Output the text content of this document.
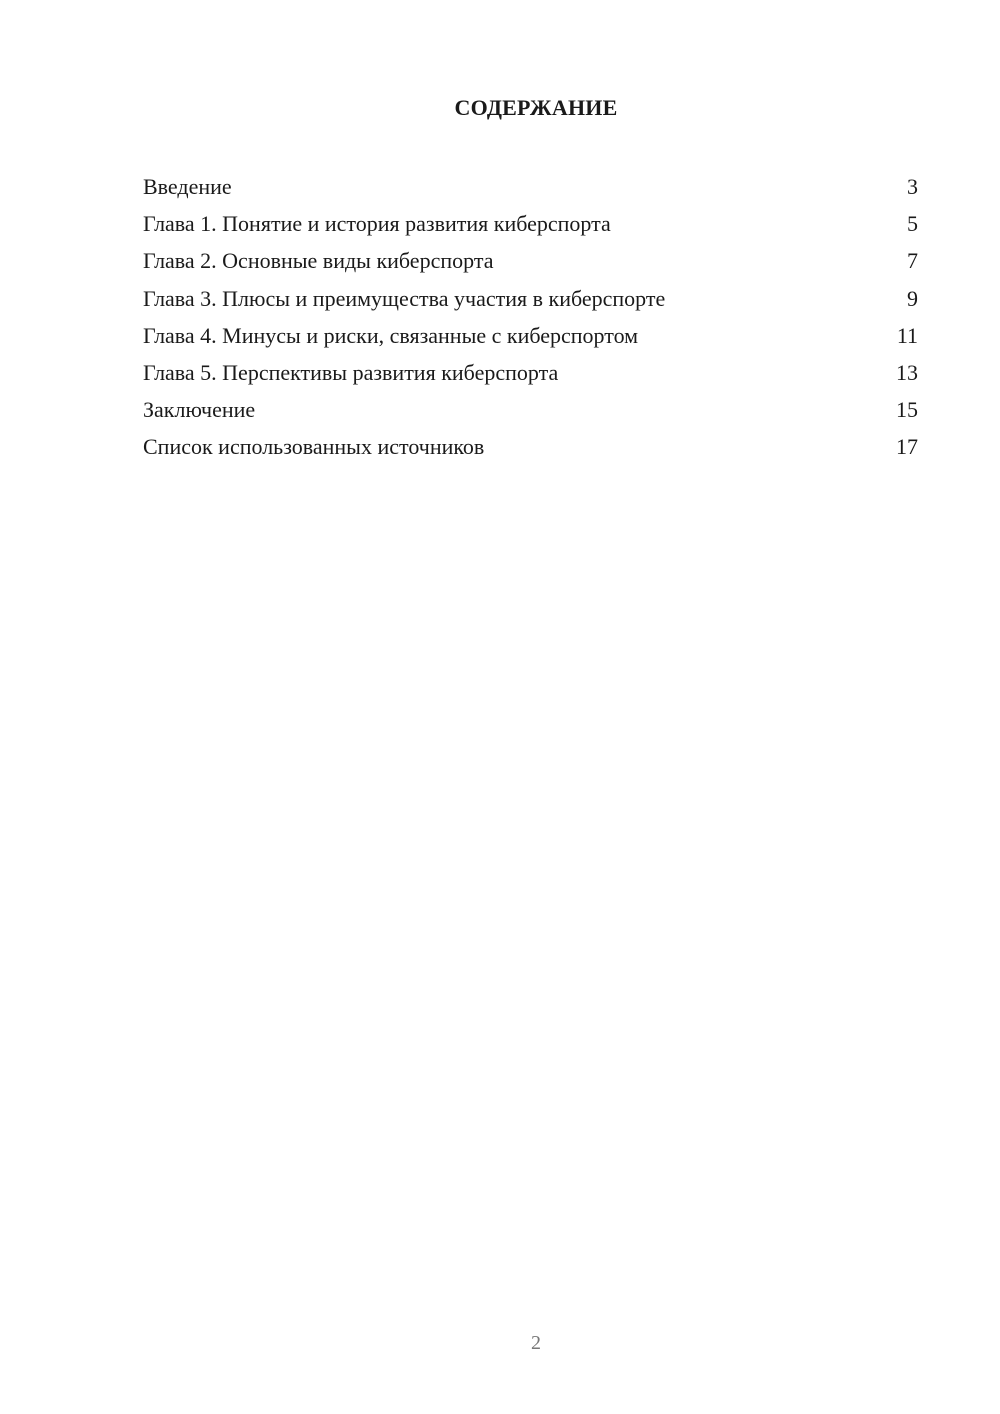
СОДЕРЖАНИЕ
Введение	3
Глава 1. Понятие и история развития киберспорта	5
Глава 2. Основные виды киберспорта	7
Глава 3. Плюсы и преимущества участия в киберспорте	9
Глава 4. Минусы и риски, связанные с киберспортом	11
Глава 5. Перспективы развития киберспорта	13
Заключение	15
Список использованных источников	17
2
